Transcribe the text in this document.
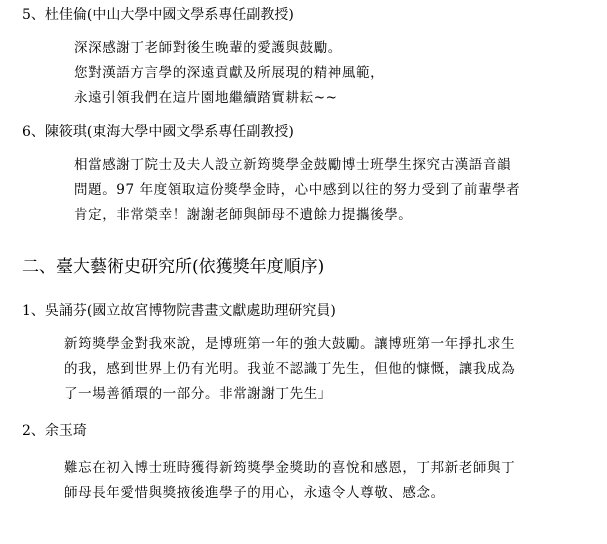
5、杜佳倫(中山大學中國文學系專任副教授)
深深感謝丁老師對後生晚輩的愛護與鼓勵。
您對漢語方言學的深遠貢獻及所展現的精神風範，
永遠引領我們在這片園地繼續踏實耕耘~~
6、陳筱琪(東海大學中國文學系專任副教授)
相當感謝丁院士及夫人設立新筠獎學金鼓勵博士班學生探究古漢語音韻
問題。97 年度領取這份獎學金時，心中感到以往的努力受到了前輩學者
肯定，非常榮幸！謝謝老師與師母不遺餘力提攜後學。
二、臺大藝術史研究所(依獲獎年度順序)
1、吳誦芬(國立故宮博物院書畫文獻處助理研究員)
新筠獎學金對我來說，是博班第一年的強大鼓勵。讓博班第一年掙扎求生
的我，感到世界上仍有光明。我並不認識丁先生，但他的慷慨，讓我成為
了一場善循環的一部分。非常謝謝丁先生」
2、余玉琦
難忘在初入博士班時獲得新筠獎學金獎助的喜悅和感恩，丁邦新老師與丁
師母長年愛惜與獎掖後進學子的用心，永遠令人尊敬、感念。
